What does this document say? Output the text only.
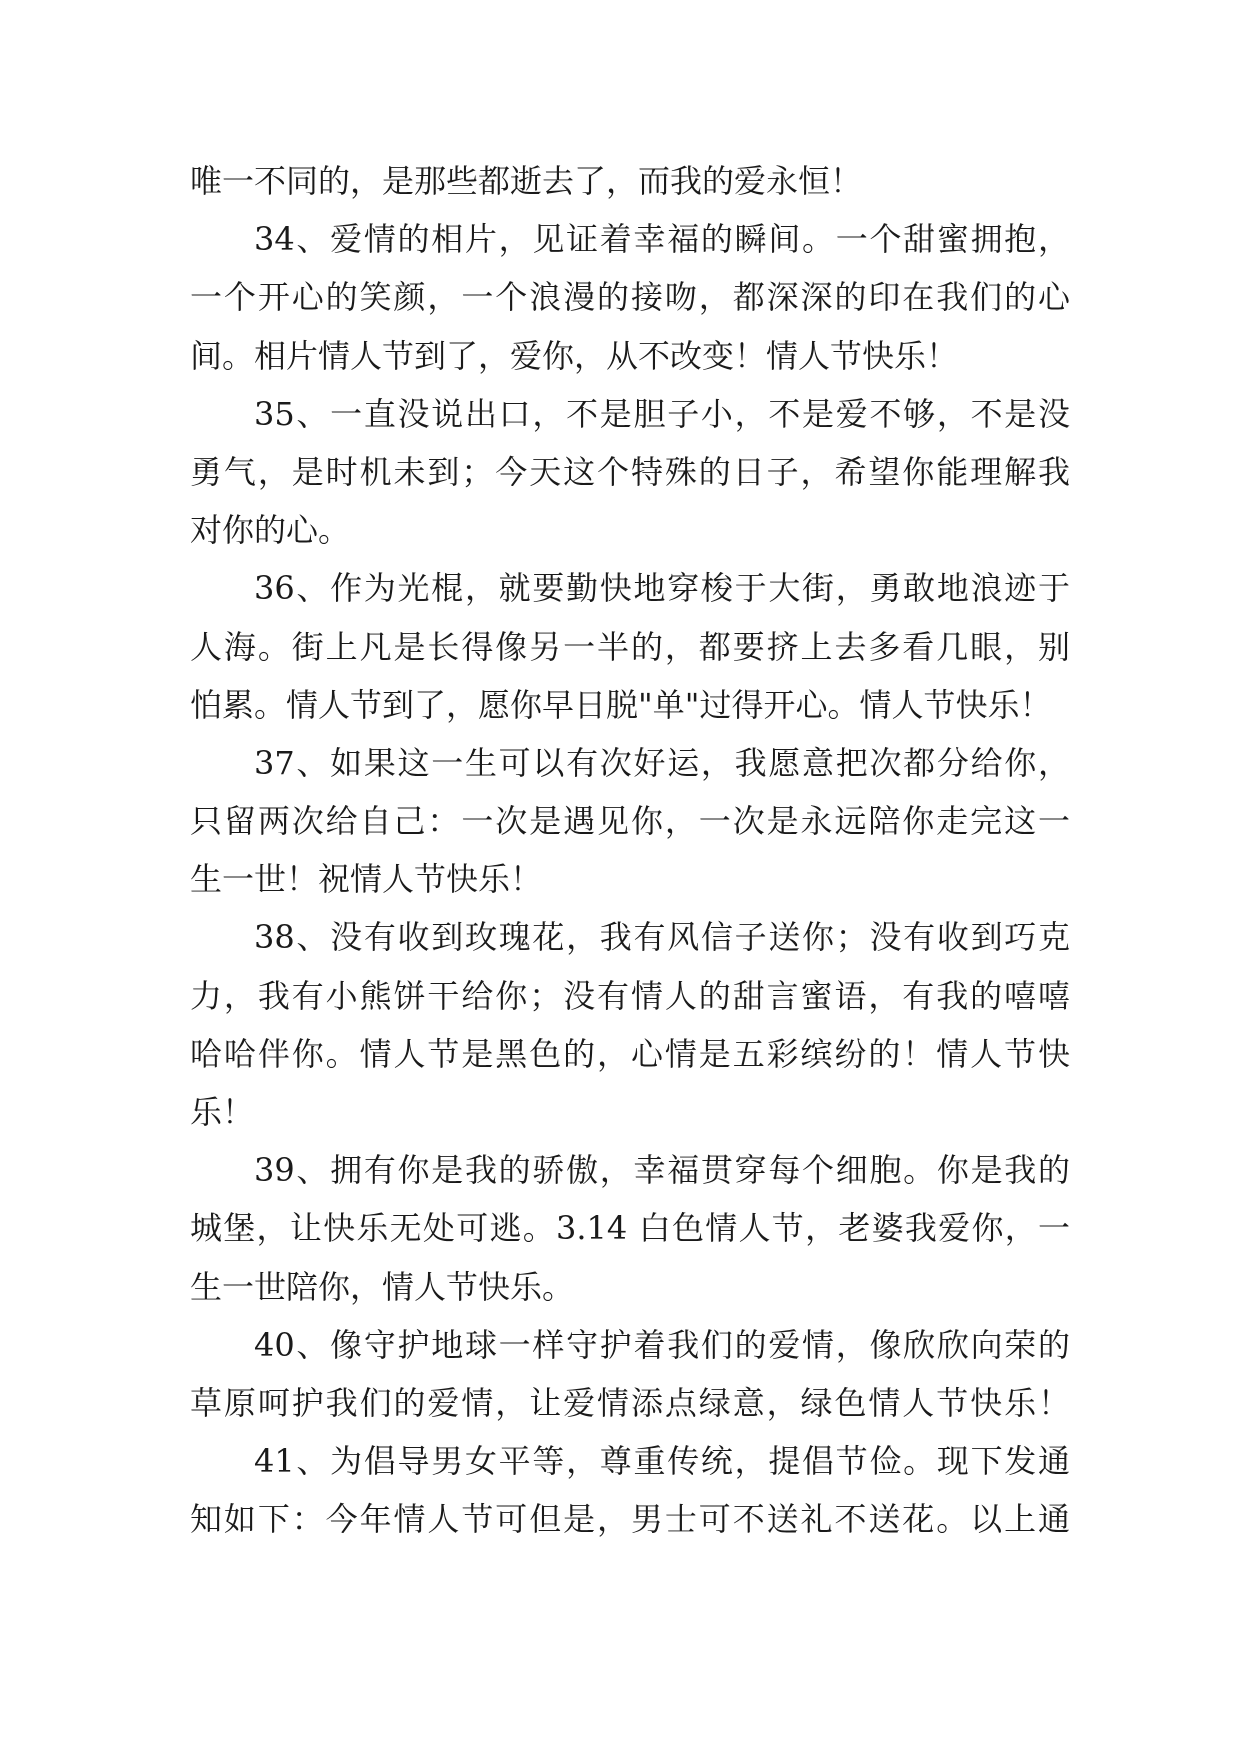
唯一不同的，是那些都逝去了，而我的爱永恒！
34、爱情的相片，见证着幸福的瞬间。一个甜蜜拥抱，
一个开心的笑颜，一个浪漫的接吻，都深深的印在我们的心
间。相片情人节到了，爱你，从不改变！情人节快乐！
35、一直没说出口，不是胆子小，不是爱不够，不是没
勇气，是时机未到；今天这个特殊的日子，希望你能理解我
对你的心。
36、作为光棍，就要勤快地穿梭于大街，勇敢地浪迹于
人海。街上凡是长得像另一半的，都要挤上去多看几眼，别
怕累。情人节到了，愿你早日脱"单"过得开心。情人节快乐！
37、如果这一生可以有次好运，我愿意把次都分给你，
只留两次给自己：一次是遇见你，一次是永远陪你走完这一
生一世！祝情人节快乐！
38、没有收到玫瑰花，我有风信子送你；没有收到巧克
力，我有小熊饼干给你；没有情人的甜言蜜语，有我的嘻嘻
哈哈伴你。情人节是黑色的，心情是五彩缤纷的！情人节快
乐！
39、拥有你是我的骄傲，幸福贯穿每个细胞。你是我的
城堡，让快乐无处可逃。3.14 白色情人节，老婆我爱你，一
生一世陪你，情人节快乐。
40、像守护地球一样守护着我们的爱情，像欣欣向荣的
草原呵护我们的爱情，让爱情添点绿意，绿色情人节快乐！
41、为倡导男女平等，尊重传统，提倡节俭。现下发通
知如下：今年情人节可但是，男士可不送礼不送花。以上通
